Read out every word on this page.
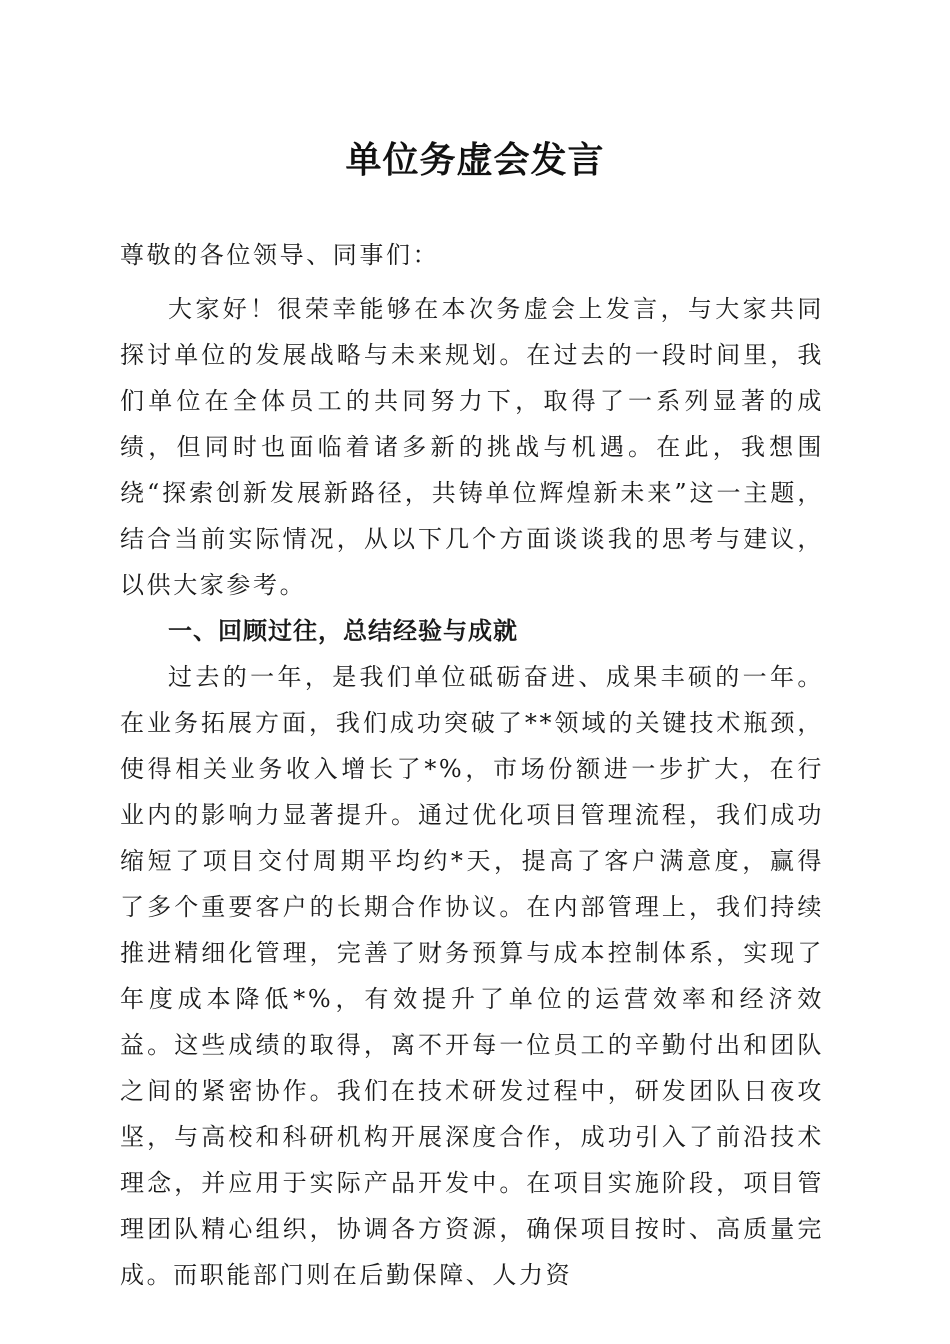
单位务虚会发言

尊敬的各位领导、同事们：

大家好！很荣幸能够在本次务虚会上发言，与大家共同探讨单位的发展战略与未来规划。在过去的一段时间里，我们单位在全体员工的共同努力下，取得了一系列显著的成绩，但同时也面临着诸多新的挑战与机遇。在此，我想围绕“探索创新发展新路径，共铸单位辉煌新未来”这一主题，结合当前实际情况，从以下几个方面谈谈我的思考与建议，以供大家参考。

一、回顾过往，总结经验与成就

过去的一年，是我们单位砥砺奋进、成果丰硕的一年。在业务拓展方面，我们成功突破了**领域的关键技术瓶颈，使得相关业务收入增长了*%，市场份额进一步扩大，在行业内的影响力显著提升。通过优化项目管理流程，我们成功缩短了项目交付周期平均约*天，提高了客户满意度，赢得了多个重要客户的长期合作协议。在内部管理上，我们持续推进精细化管理，完善了财务预算与成本控制体系，实现了年度成本降低*%，有效提升了单位的运营效率和经济效益。这些成绩的取得，离不开每一位员工的辛勤付出和团队之间的紧密协作。我们在技术研发过程中，研发团队日夜攻坚，与高校和科研机构开展深度合作，成功引入了前沿技术理念，并应用于实际产品开发中。在项目实施阶段，项目管理团队精心组织，协调各方资源，确保项目按时、高质量完成。而职能部门则在后勤保障、人力资
